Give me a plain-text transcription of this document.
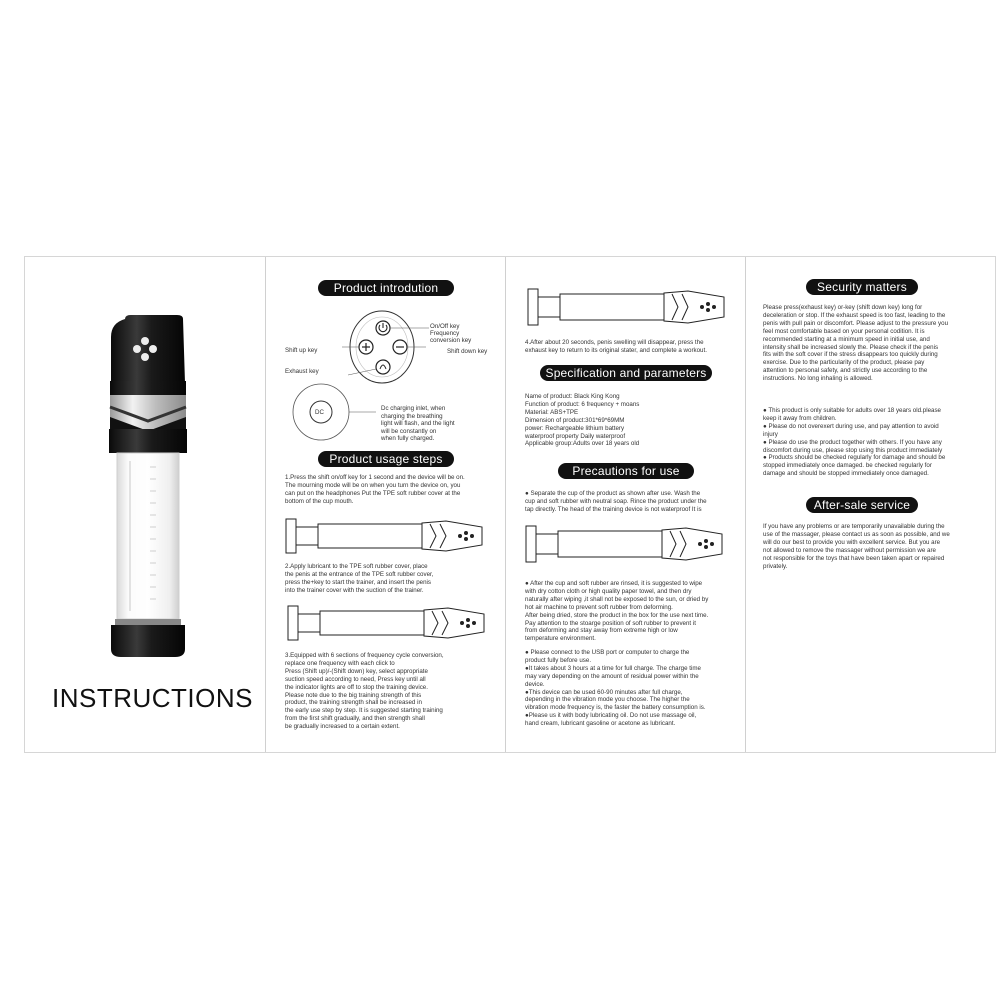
INSTRUCTIONS
Product introdution
DC
On/Off key
Frequency
conversion key
Shift up key	Shift down key
Exhaust key
Dc charging inlet, when
charging the breathing
light will flash, and the light
will be constantly on
when fully charged.
Product usage steps
1.Press the shift on/off key for 1 second and the device will be on.
The mourning mode will be on when you turn the device on, you
can put on the headphones Put the TPE soft rubber cover at the
bottom of the cup mouth.
2.Apply lubricant to the TPE soft rubber cover, place
the penis at the entrance of the TPE soft rubber cover,
press the+key to start the trainer, and insert the penis
into the trainer cover with the suction of the trainer.
3.Equipped with 6 sections of frequency cycle conversion,
replace one frequency with each click to
Press (Shift up)/-(Shift down) key, select appropriate
suction speed according to need, Press key until all
the indicator lights are off to stop the training device.
Please note due to the big training strength of this
product, the training strength shall be increased in
the early use step by step. It is suggested starting training
from the first shift gradually, and then strength shall
be gradually increased to a certain extent.
4.After about 20 seconds, penis swelling will disappear, press the
exhaust key to return to its original stater, and complete a workout.
Specification and parameters
Name of product: Black King Kong
Function of product: 6 frequency + moans
Material: ABS+TPE
Dimension of product:301*69*69MM
power: Rechargeable lithium battery
waterproof property Daily waterproof
Applicable group:Adults over 18 years old
Precautions for use
● Separate the cup of the product as shown after use. Wash the
cup and soft rubber with neutral soap. Rince the product under the
tap directly. The head of the training device is not waterproof It is
● After the cup and soft rubber are rinsed, it is suggested to wipe
with dry cotton cloth or high quality paper towel, and then dry
naturally after wiping ,it shall not be exposed to the sun, or dried by
hot air machine to prevent soft rubber from deforming.
After being dried, store the product in the box for the use next time.
Pay attention to the stoarge position of soft rubber to prevent it
from deforming and stay away from extreme high or low
temperature environment.
● Please connect to the USB port or computer to charge the
product fully before use.
●It takes about 3 hours at a time for full charge. The charge time
may vary depending on the amount of residual power within the
device.
●This device can be used 60-90 minutes after full charge,
depending in the vibration mode you choose. The higher the
vibration mode frequency is, the faster the battery consumption is.
●Please us it with body lubricating oil. Do not use massage oil,
hand cream, lubricant gasoline or acetone as lubricant.
Security matters
Please press(exhaust key) or-key (shift down key) long for
deceleration or stop. If the exhaust speed is too fast, leading to the
penis with pull pain or discomfort. Please adjust to the pressure you
feel most comfortable based on your personal codition. It is
recommended starting at a minimum speed in initial use, and
intensity shall be increased slowly the. Please check if the penis
fits with the soft cover if the stress disappears too quickly during
exercise. Due to the particularity of the product, please pay
attention to personal safety, and strictly use according to the
instructions. No long inhaling is allowed.
● This product is only suitable for adults over 18 years old.please
keep it away from children.
● Please do not overexert during use, and pay attention to avoid
injury
● Please do use the product together with others. If you have any
discomfort during use, please stop using this product immediately
● Products should be checked regularly for damage and should be
stopped immediately once damaged. be checked regularly for
damage and should be stopped immediately once damaged.
After-sale service
If you have any problems or are temporarily unavailable during the
use of the massager, please contact us as soon as possible, and we
will do our best to provide you with excellent service. But you are
not allowed to remove the massager without permission we are
not responsible for the toys that have been taken apart or repaired
privately.
